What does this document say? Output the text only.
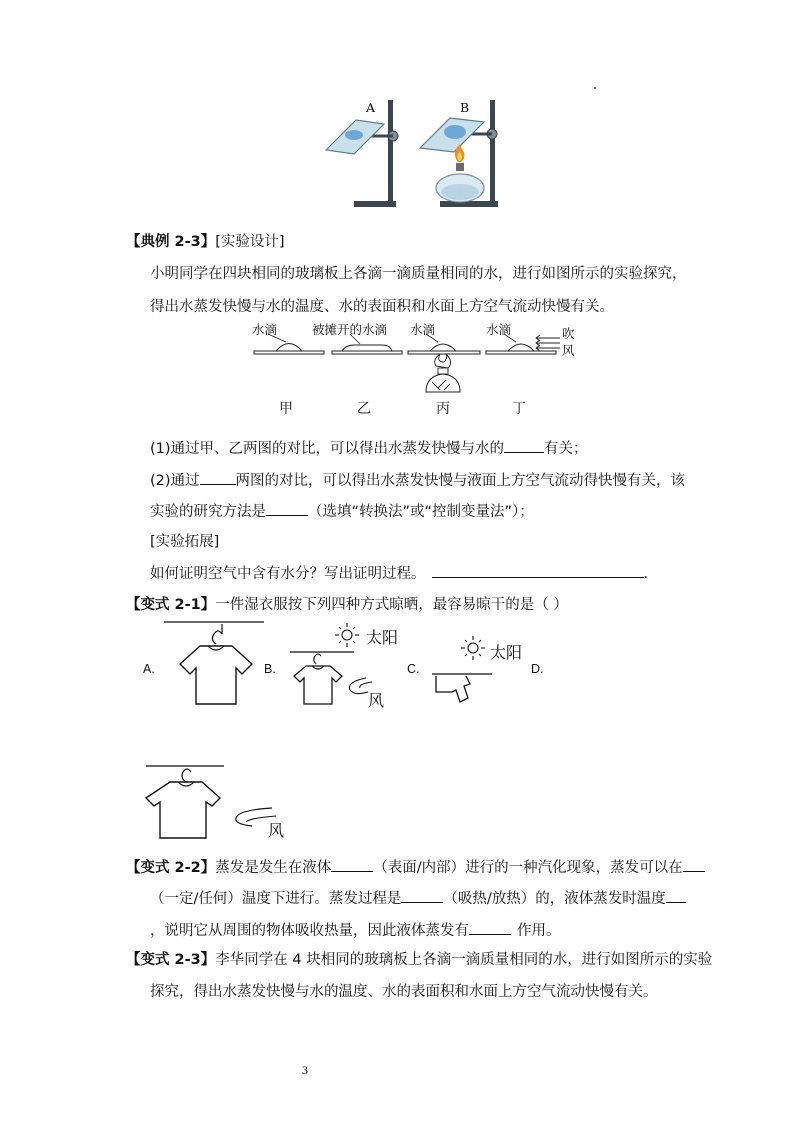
A	B
【典例 2-3】[实验设计]
小明同学在四块相同的玻璃板上各滴一滴质量相同的水，进行如图所示的实验探究，
得出水蒸发快慢与水的温度、水的表面积和水面上方空气流动快慢有关。
水滴	被摊开的水滴 水滴	水滴	吹
风
甲	乙	丙	丁
(1)通过甲、乙两图的对比，可以得出水蒸发快慢与水的	有关；
(2)通过 两图的对比，可以得出水蒸发快慢与液面上方空气流动得快慢有关，该
实验的研究方法是	（选填“转换法”或“控制变量法”）；
[实验拓展]
如何证明空气中含有水分？写出证明过程。	.
【变式 2-1】一件湿衣服按下列四种方式晾晒，最容易晾干的是（ ）
A.	B.
太阳
风
C.
太阳
D.
风
【变式 2-2】蒸发是发生在液体	（表面/内部）进行的一种汽化现象，蒸发可以在
（一定/任何）温度下进行。蒸发过程是	（吸热/放热）的，液体蒸发时温度
，说明它从周围的物体吸收热量，因此液体蒸发有	作用。
【变式 2-3】李华同学在 4 块相同的玻璃板上各滴一滴质量相同的水，进行如图所示的实验
探究，得出水蒸发快慢与水的温度、水的表面积和水面上方空气流动快慢有关。
3
